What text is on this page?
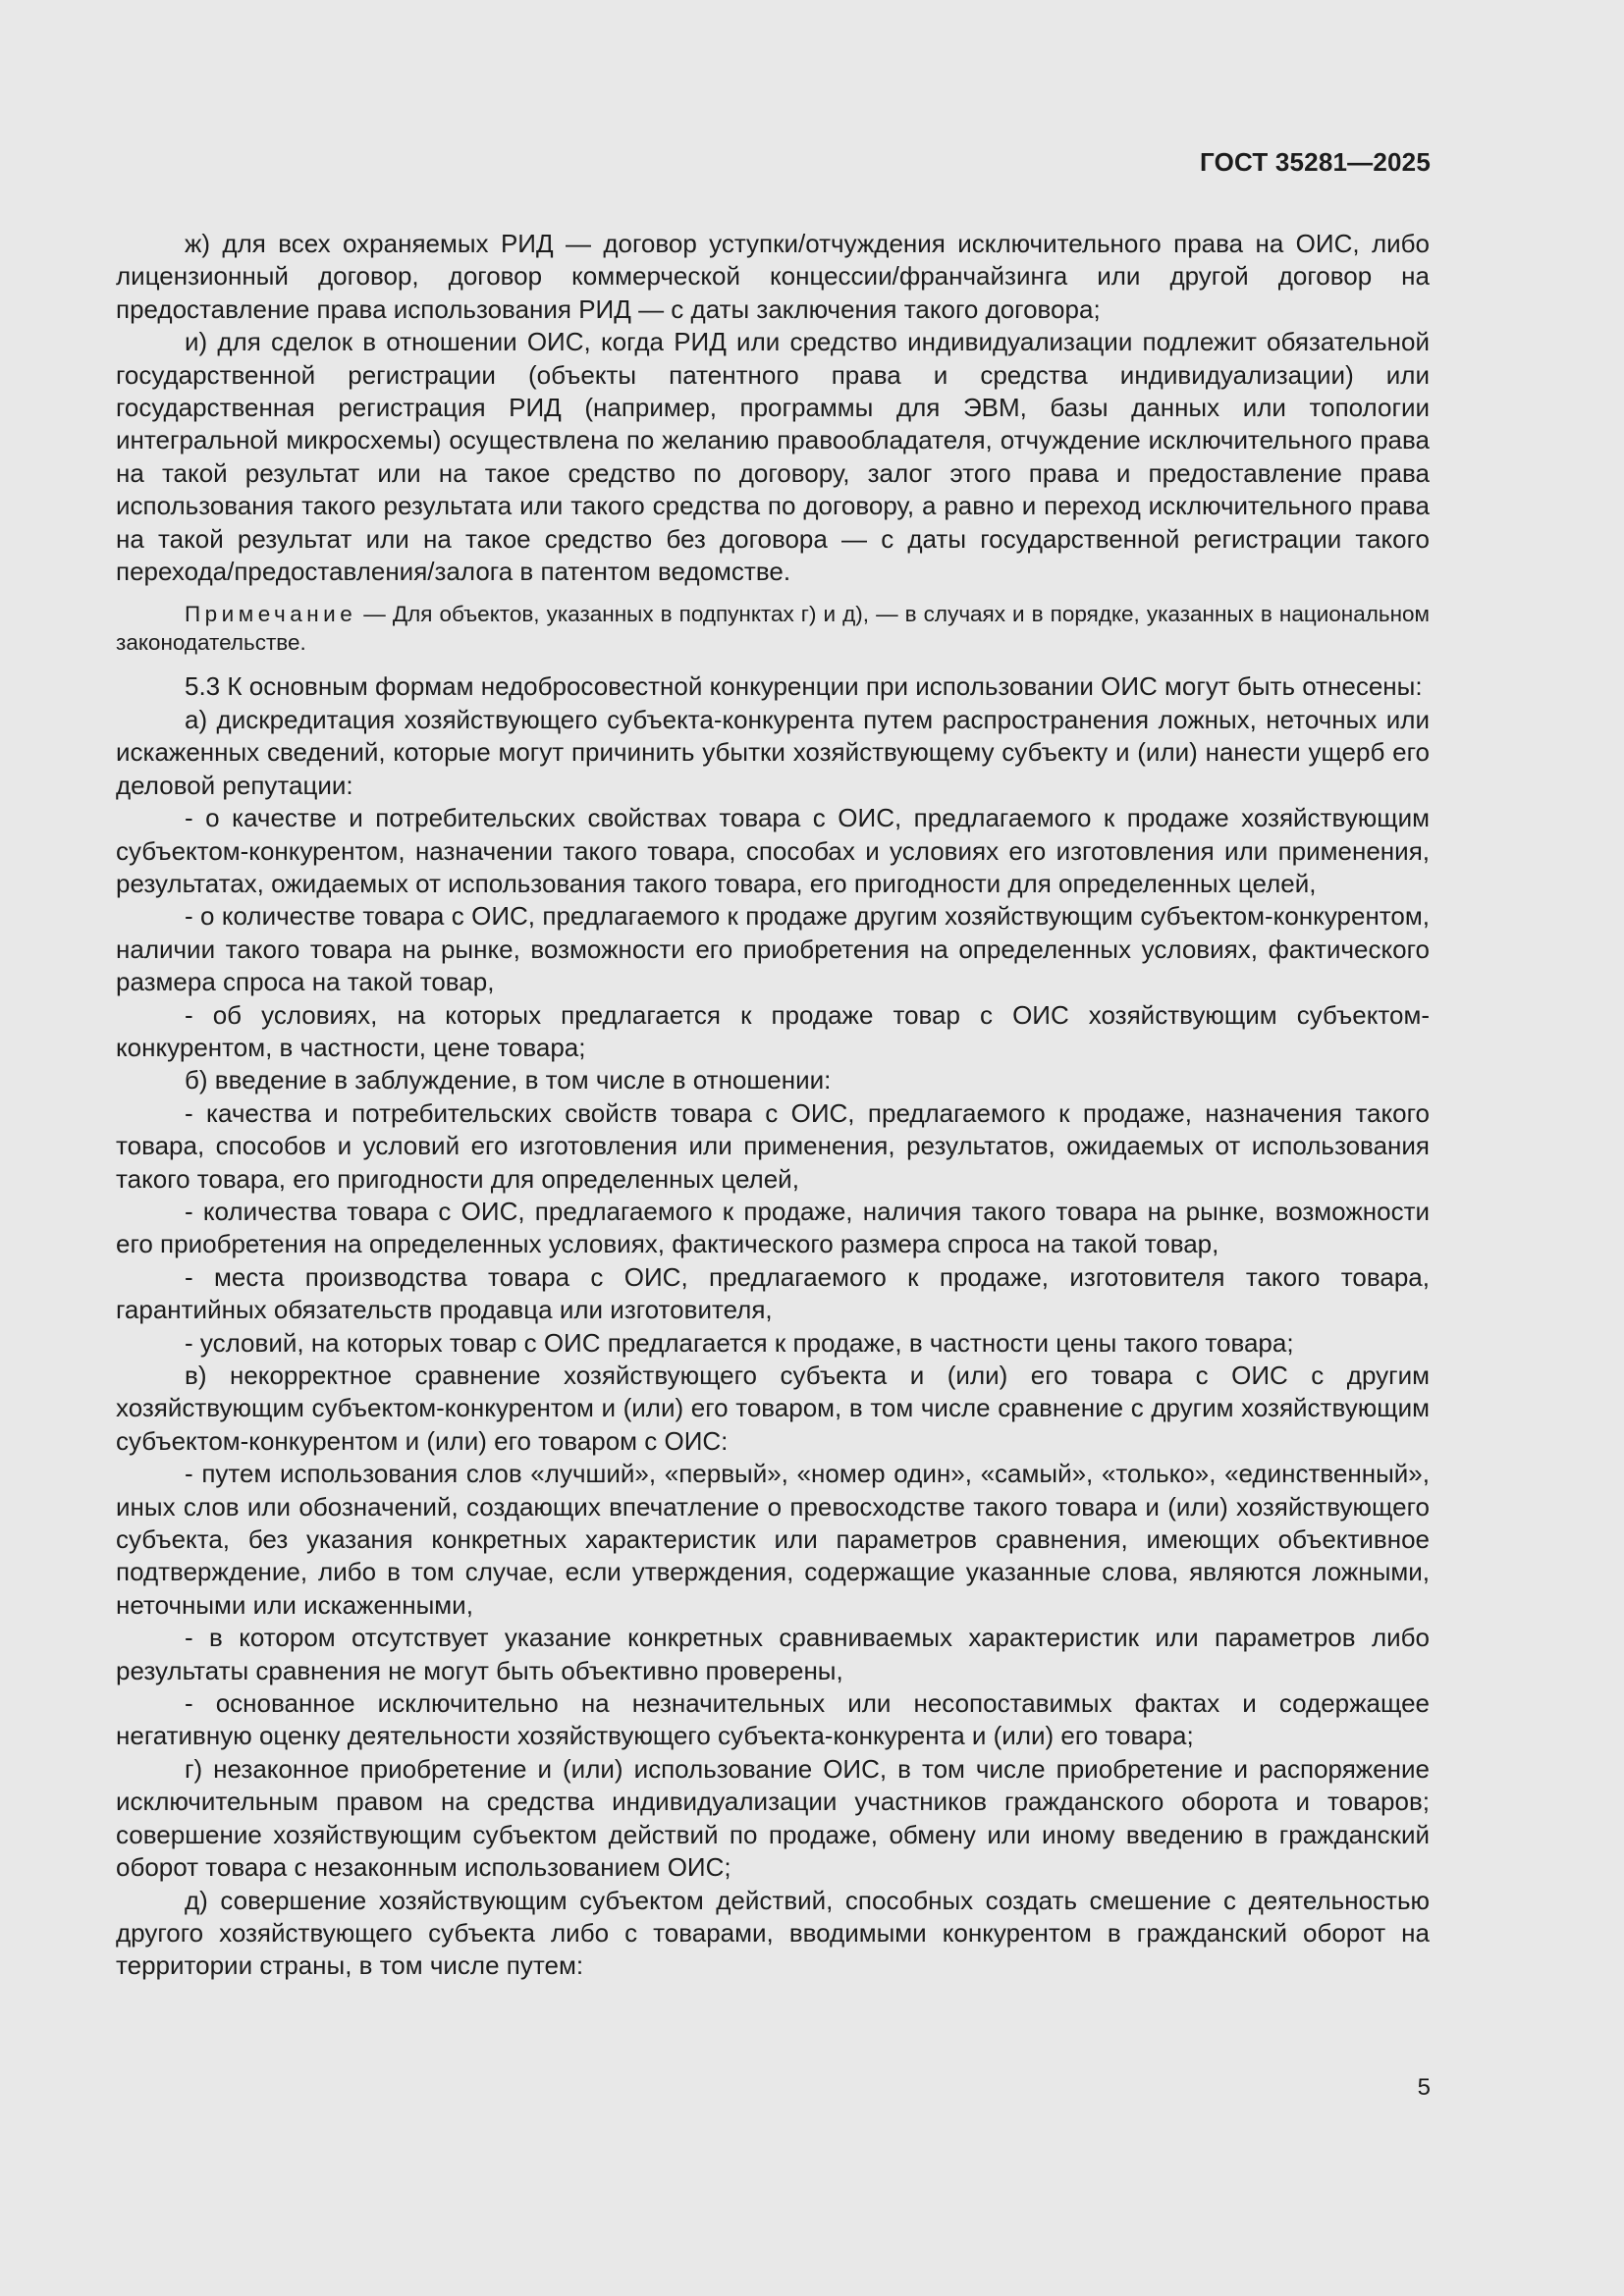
ГОСТ 35281—2025

ж) для всех охраняемых РИД — договор уступки/отчуждения исключительного права на ОИС, либо лицензионный договор, договор коммерческой концессии/франчайзинга или другой договор на предоставление права использования РИД — с даты заключения такого договора;

и) для сделок в отношении ОИС, когда РИД или средство индивидуализации подлежит обязательной государственной регистрации (объекты патентного права и средства индивидуализации) или государственная регистрация РИД (например, программы для ЭВМ, базы данных или топологии интегральной микросхемы) осуществлена по желанию правообладателя, отчуждение исключительного права на такой результат или на такое средство по договору, залог этого права и предоставление права использования такого результата или такого средства по договору, а равно и переход исключительного права на такой результат или на такое средство без договора — с даты государственной регистрации такого перехода/предоставления/залога в патентом ведомстве.

Примечание — Для объектов, указанных в подпунктах г) и д), — в случаях и в порядке, указанных в национальном законодательстве.

5.3 К основным формам недобросовестной конкуренции при использовании ОИС могут быть отнесены:

а) дискредитация хозяйствующего субъекта-конкурента путем распространения ложных, неточных или искаженных сведений, которые могут причинить убытки хозяйствующему субъекту и (или) нанести ущерб его деловой репутации:

- о качестве и потребительских свойствах товара с ОИС, предлагаемого к продаже хозяйствующим субъектом-конкурентом, назначении такого товара, способах и условиях его изготовления или применения, результатах, ожидаемых от использования такого товара, его пригодности для определенных целей,

- о количестве товара с ОИС, предлагаемого к продаже другим хозяйствующим субъектом-конкурентом, наличии такого товара на рынке, возможности его приобретения на определенных условиях, фактического размера спроса на такой товар,

- об условиях, на которых предлагается к продаже товар с ОИС хозяйствующим субъектом-конкурентом, в частности, цене товара;

б) введение в заблуждение, в том числе в отношении:

- качества и потребительских свойств товара с ОИС, предлагаемого к продаже, назначения такого товара, способов и условий его изготовления или применения, результатов, ожидаемых от использования такого товара, его пригодности для определенных целей,

- количества товара с ОИС, предлагаемого к продаже, наличия такого товара на рынке, возможности его приобретения на определенных условиях, фактического размера спроса на такой товар,

- места производства товара с ОИС, предлагаемого к продаже, изготовителя такого товара, гарантийных обязательств продавца или изготовителя,

- условий, на которых товар с ОИС предлагается к продаже, в частности цены такого товара;

в) некорректное сравнение хозяйствующего субъекта и (или) его товара с ОИС с другим хозяйствующим субъектом-конкурентом и (или) его товаром, в том числе сравнение с другим хозяйствующим субъектом-конкурентом и (или) его товаром с ОИС:

- путем использования слов «лучший», «первый», «номер один», «самый», «только», «единственный», иных слов или обозначений, создающих впечатление о превосходстве такого товара и (или) хозяйствующего субъекта, без указания конкретных характеристик или параметров сравнения, имеющих объективное подтверждение, либо в том случае, если утверждения, содержащие указанные слова, являются ложными, неточными или искаженными,

- в котором отсутствует указание конкретных сравниваемых характеристик или параметров либо результаты сравнения не могут быть объективно проверены,

- основанное исключительно на незначительных или несопоставимых фактах и содержащее негативную оценку деятельности хозяйствующего субъекта-конкурента и (или) его товара;

г) незаконное приобретение и (или) использование ОИС, в том числе приобретение и распоряжение исключительным правом на средства индивидуализации участников гражданского оборота и товаров; совершение хозяйствующим субъектом действий по продаже, обмену или иному введению в гражданский оборот товара с незаконным использованием ОИС;

д) совершение хозяйствующим субъектом действий, способных создать смешение с деятельностью другого хозяйствующего субъекта либо с товарами, вводимыми конкурентом в гражданский оборот на территории страны, в том числе путем:

5
